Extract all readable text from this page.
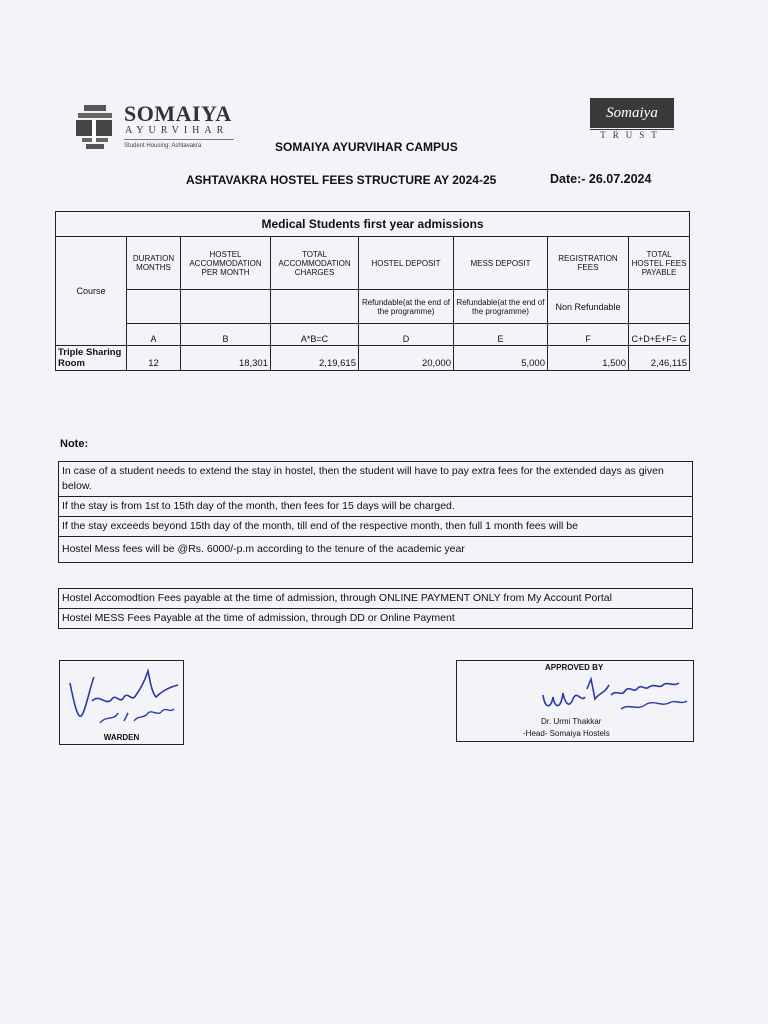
SOMAIYA
AYURVIHAR
Student Housing: Ashtavakra
Somaiya
TRUST
SOMAIYA AYURVIHAR CAMPUS
ASHTAVAKRA HOSTEL FEES STRUCTURE AY 2024-25	Date:- 26.07.2024
Medical Students first year admissions							
Course	DURATION MONTHS	HOSTEL ACCOMMODATION PER MONTH	TOTAL ACCOMMODATION CHARGES	HOSTEL DEPOSIT	MESS DEPOSIT	REGISTRATION FEES	TOTAL HOSTEL FEES PAYABLE
				Refundable(at the end of the programme)	Refundable(at the end of the programme)	Non Refundable	
	A	B	A*B=C	D	E	F	C+D+E+F= G
Triple Sharing Room	12	18,301	2,19,615	20,000	5,000	1,500	2,46,115
Note:
In case of a student needs to extend the stay in hostel, then the student will have to pay extra fees for the extended days as given below.
If the stay is from 1st to 15th day of the month, then fees for 15 days will be charged.
If the stay exceeds beyond 15th day of the month, till end of the respective month, then full 1 month fees will be
Hostel Mess fees will be @Rs. 6000/-p.m according to the tenure of the academic year
Hostel Accomodtion Fees payable at the time of admission, through ONLINE PAYMENT ONLY from My Account Portal
Hostel MESS Fees Payable at the time of admission, through DD or Online Payment
WARDEN
APPROVED BY
Dr. Urmi Thakkar
-Head- Somaiya Hostels
